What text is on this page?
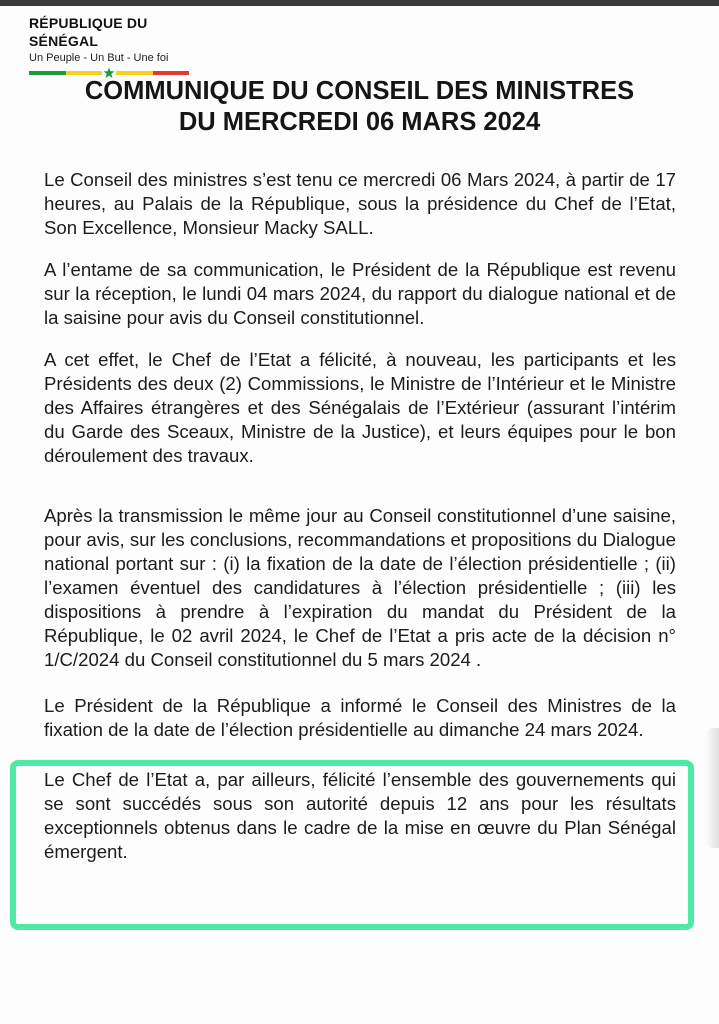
RÉPUBLIQUE DU SÉNÉGAL
Un Peuple - Un But - Une foi
COMMUNIQUE DU CONSEIL DES MINISTRES
DU MERCREDI 06 MARS 2024

Le Conseil des ministres s’est tenu ce mercredi 06 Mars 2024, à partir de 17 heures, au Palais de la République, sous la présidence du Chef de l’Etat, Son Excellence, Monsieur Macky SALL.

A l’entame de sa communication, le Président de la République est revenu sur la réception, le lundi 04 mars 2024, du rapport du dialogue national et de la saisine pour avis du Conseil constitutionnel.

A cet effet, le Chef de l’Etat a félicité, à nouveau, les participants et les Présidents des deux (2) Commissions, le Ministre de l’Intérieur et le Ministre des Affaires étrangères et des Sénégalais de l’Extérieur (assurant l’intérim du Garde des Sceaux, Ministre de la Justice), et leurs équipes pour le bon déroulement des travaux.

Après la transmission le même jour au Conseil constitutionnel d’une saisine, pour avis, sur les conclusions, recommandations et propositions du Dialogue national portant sur : (i) la fixation de la date de l’élection présidentielle ; (ii) l’examen éventuel des candidatures à l’élection présidentielle ; (iii) les dispositions à prendre à l’expiration du mandat du Président de la République, le 02 avril 2024, le Chef de l’Etat a pris acte de la décision n° 1/C/2024 du Conseil constitutionnel du 5 mars 2024 .

Le Président de la République a informé le Conseil des Ministres de la fixation de la date de l’élection présidentielle au dimanche 24 mars 2024.

Le Chef de l’Etat a, par ailleurs, félicité l’ensemble des gouvernements qui se sont succédés sous son autorité depuis 12 ans pour les résultats exceptionnels obtenus dans le cadre de la mise en œuvre du Plan Sénégal émergent.
